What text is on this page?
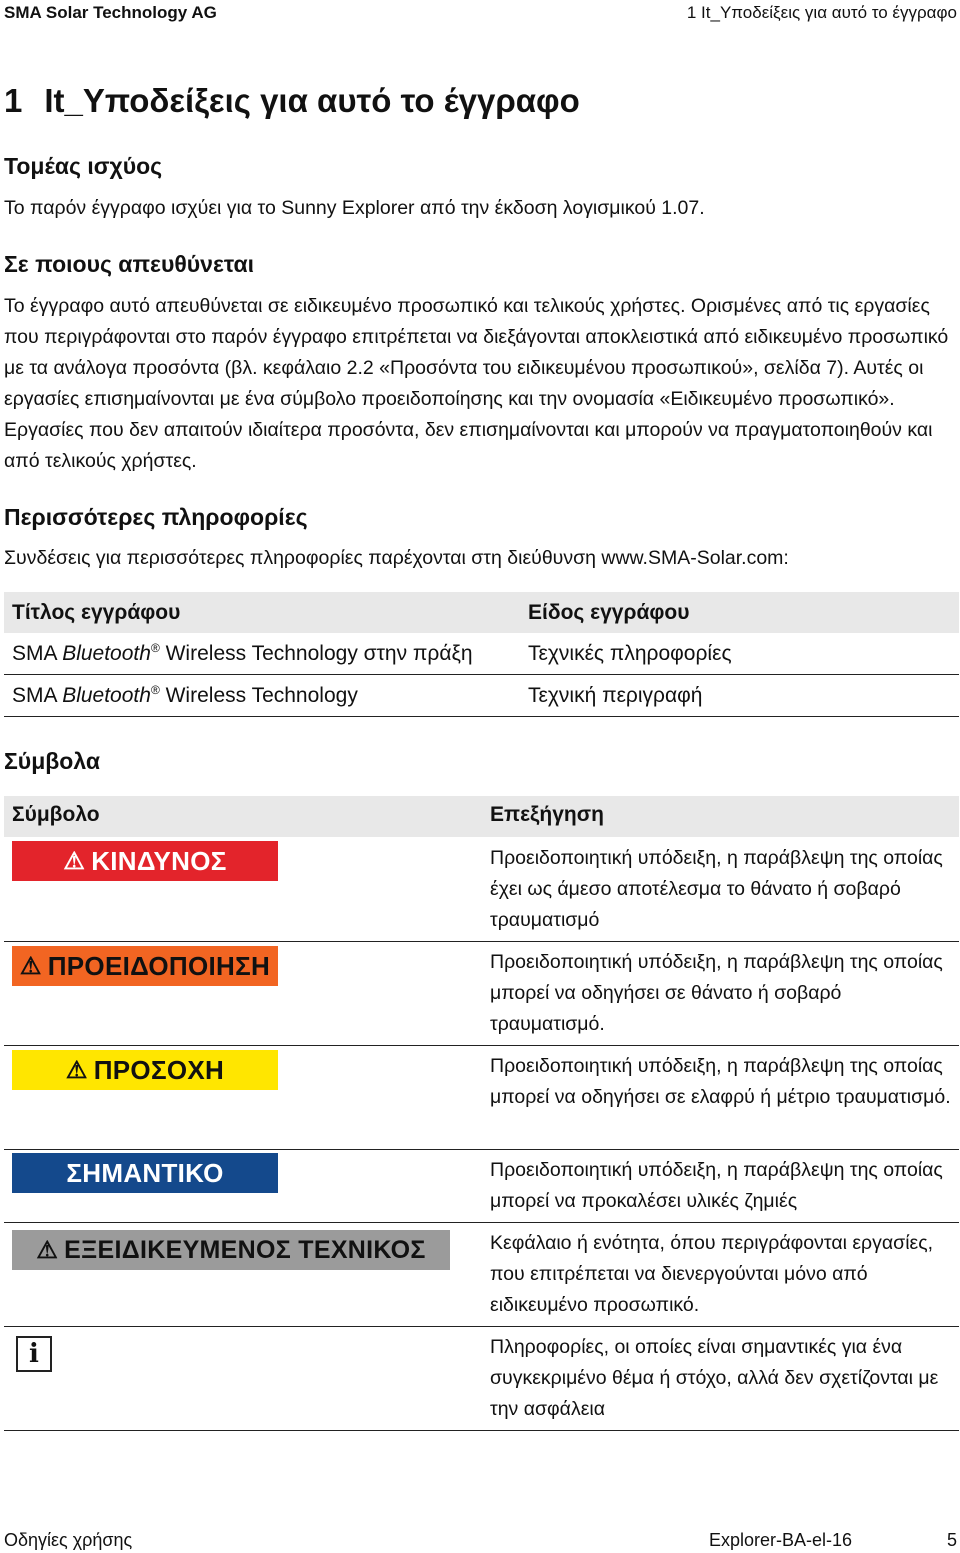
SMA Solar Technology AG	1 It_Υποδείξεις για αυτό το έγγραφο
1 It_Υποδείξεις για αυτό το έγγραφο
Τομέας ισχύος
Το παρόν έγγραφο ισχύει για το Sunny Explorer από την έκδοση λογισμικού 1.07.
Σε ποιους απευθύνεται
Το έγγραφο αυτό απευθύνεται σε ειδικευμένο προσωπικό και τελικούς χρήστες. Ορισμένες από τις εργασίες που περιγράφονται στο παρόν έγγραφο επιτρέπεται να διεξάγονται αποκλειστικά από ειδικευμένο προσωπικό με τα ανάλογα προσόντα (βλ. κεφάλαιο 2.2 «Προσόντα του ειδικευμένου προσωπικού», σελίδα 7). Αυτές οι εργασίες επισημαίνονται με ένα σύμβολο προειδοποίησης και την ονομασία «Ειδικευμένο προσωπικό». Εργασίες που δεν απαιτούν ιδιαίτερα προσόντα, δεν επισημαίνονται και μπορούν να πραγματοποιηθούν και από τελικούς χρήστες.
Περισσότερες πληροφορίες
Συνδέσεις για περισσότερες πληροφορίες παρέχονται στη διεύθυνση www.SMA-Solar.com:
Τίτλος εγγράφου	Είδος εγγράφου
SMA Bluetooth® Wireless Technology στην πράξη	Τεχνικές πληροφορίες
SMA Bluetooth® Wireless Technology	Τεχνική περιγραφή
Σύμβολα
Σύμβολο	Επεξήγηση
⚠ ΚΙΝΔΥΝΟΣ	Προειδοποιητική υπόδειξη, η παράβλεψη της οποίας έχει ως άμεσο αποτέλεσμα το θάνατο ή σοβαρό τραυματισμό
⚠ ΠΡΟΕΙΔΟΠΟΙΗΣΗ	Προειδοποιητική υπόδειξη, η παράβλεψη της οποίας μπορεί να οδηγήσει σε θάνατο ή σοβαρό τραυματισμό.
⚠ ΠΡΟΣΟΧΗ	Προειδοποιητική υπόδειξη, η παράβλεψη της οποίας μπορεί να οδηγήσει σε ελαφρύ ή μέτριο τραυματισμό.
ΣΗΜΑΝΤΙΚΟ	Προειδοποιητική υπόδειξη, η παράβλεψη της οποίας μπορεί να προκαλέσει υλικές ζημιές
⚠ ΕΞΕΙΔΙΚΕΥΜΕΝΟΣ ΤΕΧΝΙΚΟΣ	Κεφάλαιο ή ενότητα, όπου περιγράφονται εργασίες, που επιτρέπεται να διενεργούνται μόνο από ειδικευμένο προσωπικό.
i	Πληροφορίες, οι οποίες είναι σημαντικές για ένα συγκεκριμένο θέμα ή στόχο, αλλά δεν σχετίζονται με την ασφάλεια
Οδηγίες χρήσης	Explorer-BA-el-16	5
